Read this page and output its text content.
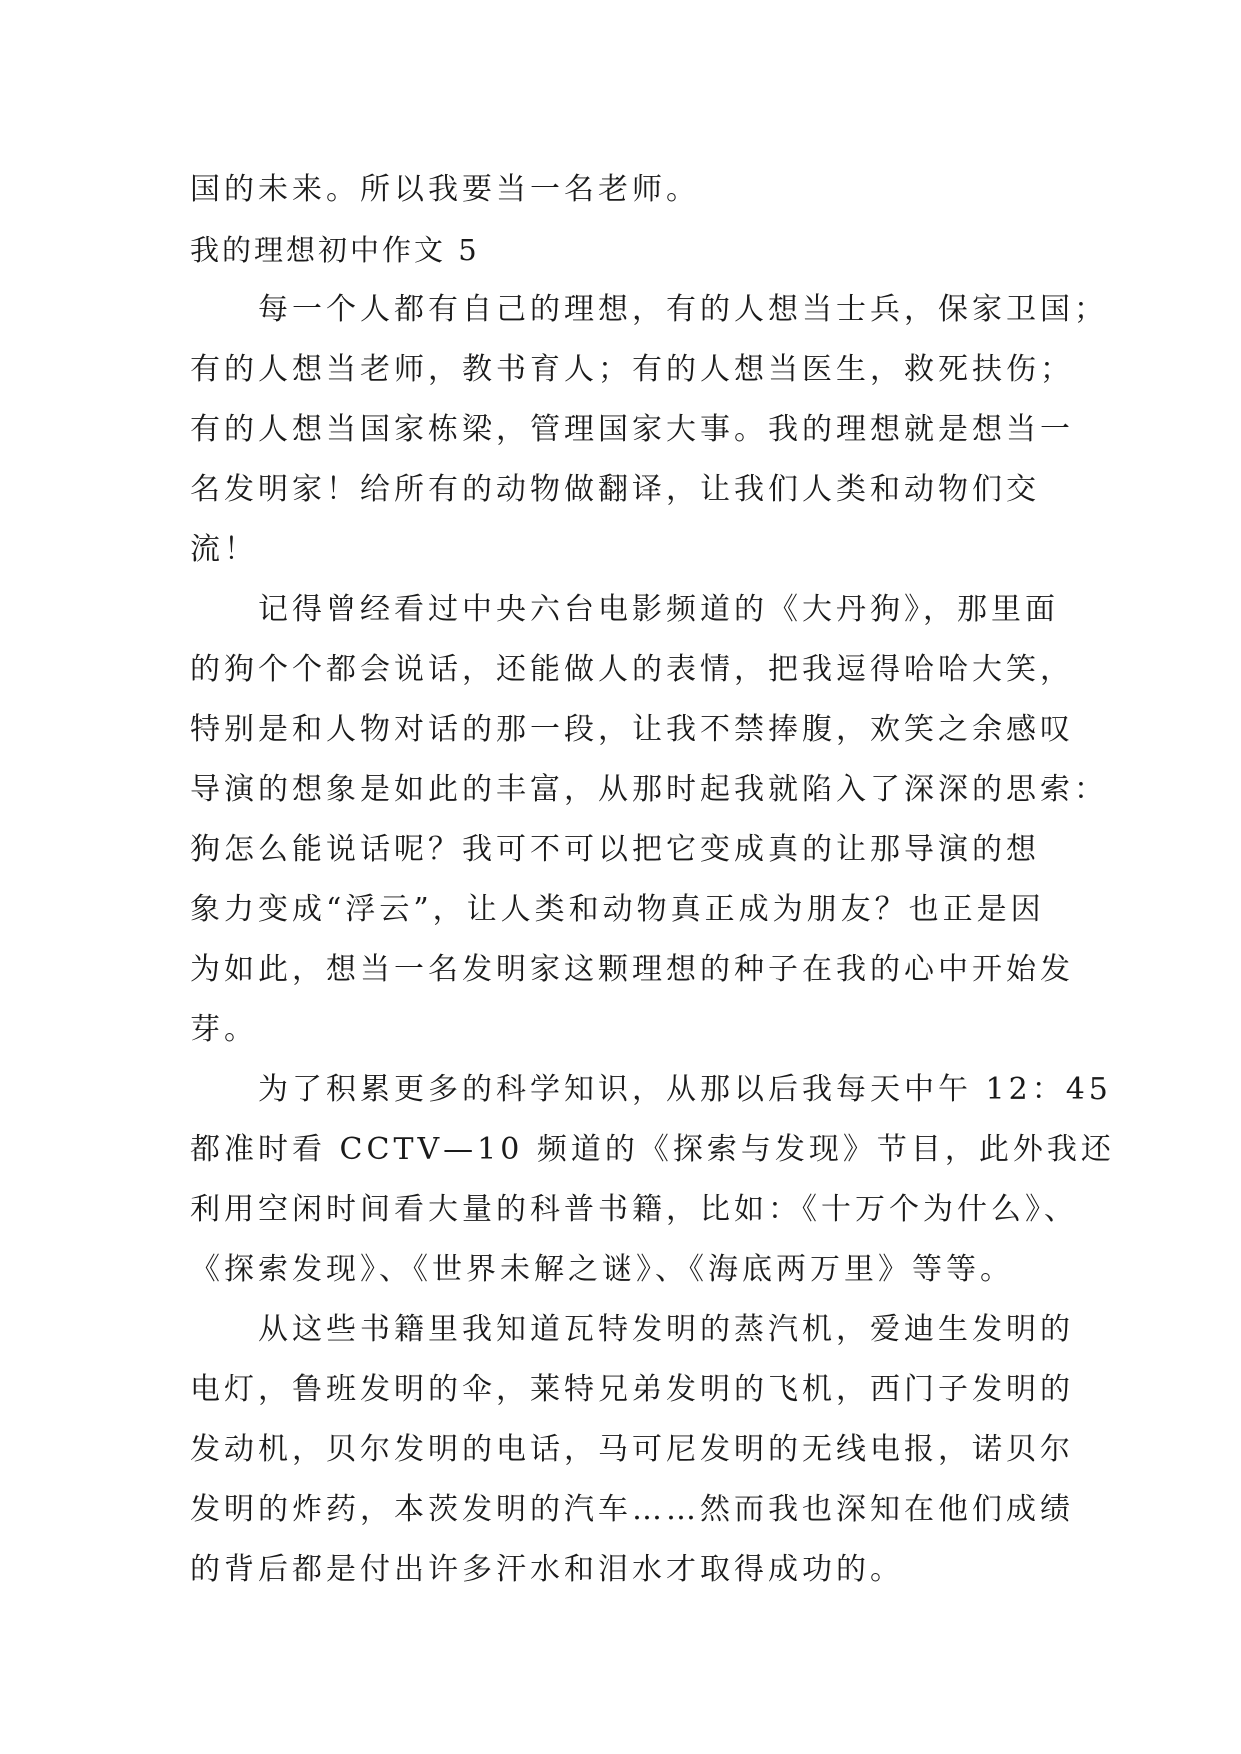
国的未来。所以我要当一名老师。
我的理想初中作文 5
每一个人都有自己的理想，有的人想当士兵，保家卫国；
有的人想当老师，教书育人；有的人想当医生，救死扶伤；
有的人想当国家栋梁，管理国家大事。我的理想就是想当一
名发明家！给所有的动物做翻译，让我们人类和动物们交
流！
记得曾经看过中央六台电影频道的《大丹狗》，那里面
的狗个个都会说话，还能做人的表情，把我逗得哈哈大笑，
特别是和人物对话的那一段，让我不禁捧腹，欢笑之余感叹
导演的想象是如此的丰富，从那时起我就陷入了深深的思索：
狗怎么能说话呢？我可不可以把它变成真的让那导演的想
象力变成“浮云”，让人类和动物真正成为朋友？也正是因
为如此，想当一名发明家这颗理想的种子在我的心中开始发
芽。
为了积累更多的科学知识，从那以后我每天中午 12：45
都准时看 CCTV—10 频道的《探索与发现》节目，此外我还
利用空闲时间看大量的科普书籍，比如：《十万个为什么》、
《探索发现》、《世界未解之谜》、《海底两万里》等等。
从这些书籍里我知道瓦特发明的蒸汽机，爱迪生发明的
电灯，鲁班发明的伞，莱特兄弟发明的飞机，西门子发明的
发动机，贝尔发明的电话，马可尼发明的无线电报，诺贝尔
发明的炸药，本茨发明的汽车……然而我也深知在他们成绩
的背后都是付出许多汗水和泪水才取得成功的。
